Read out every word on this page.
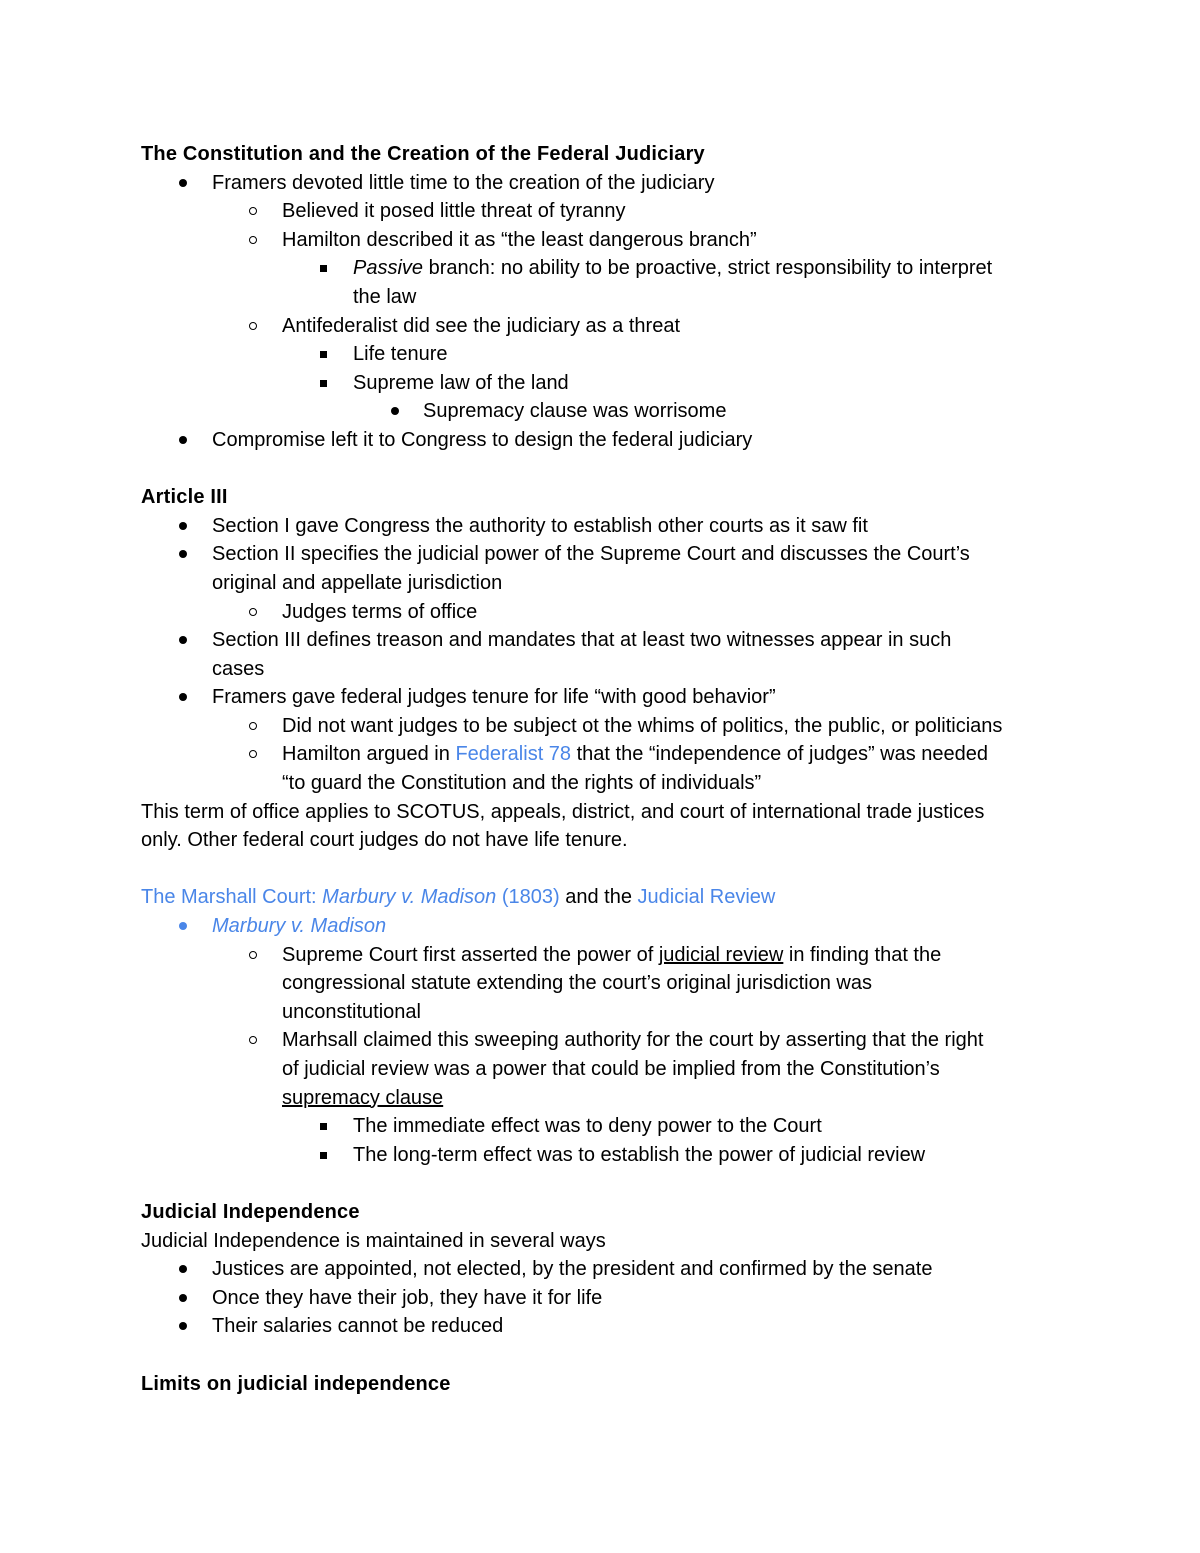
The Constitution and the Creation of the Federal Judiciary
Framers devoted little time to the creation of the judiciary
Believed it posed little threat of tyranny
Hamilton described it as “the least dangerous branch”
Passive branch: no ability to be proactive, strict responsibility to interpret
the law
Antifederalist did see the judiciary as a threat
Life tenure
Supreme law of the land
Supremacy clause was worrisome
Compromise left it to Congress to design the federal judiciary
Article III
Section I gave Congress the authority to establish other courts as it saw fit
Section II specifies the judicial power of the Supreme Court and discusses the Court’s
original and appellate jurisdiction
Judges terms of office
Section III defines treason and mandates that at least two witnesses appear in such
cases
Framers gave federal judges tenure for life “with good behavior”
Did not want judges to be subject ot the whims of politics, the public, or politicians
Hamilton argued in Federalist 78 that the “independence of judges” was needed
“to guard the Constitution and the rights of individuals”
This term of office applies to SCOTUS, appeals, district, and court of international trade justices
only. Other federal court judges do not have life tenure.
The Marshall Court: Marbury v. Madison (1803) and the Judicial Review
Marbury v. Madison
Supreme Court first asserted the power of judicial review in finding that the
congressional statute extending the court’s original jurisdiction was
unconstitutional
Marhsall claimed this sweeping authority for the court by asserting that the right
of judicial review was a power that could be implied from the Constitution’s
supremacy clause
The immediate effect was to deny power to the Court
The long-term effect was to establish the power of judicial review
Judicial Independence
Judicial Independence is maintained in several ways
Justices are appointed, not elected, by the president and confirmed by the senate
Once they have their job, they have it for life
Their salaries cannot be reduced
Limits on judicial independence
